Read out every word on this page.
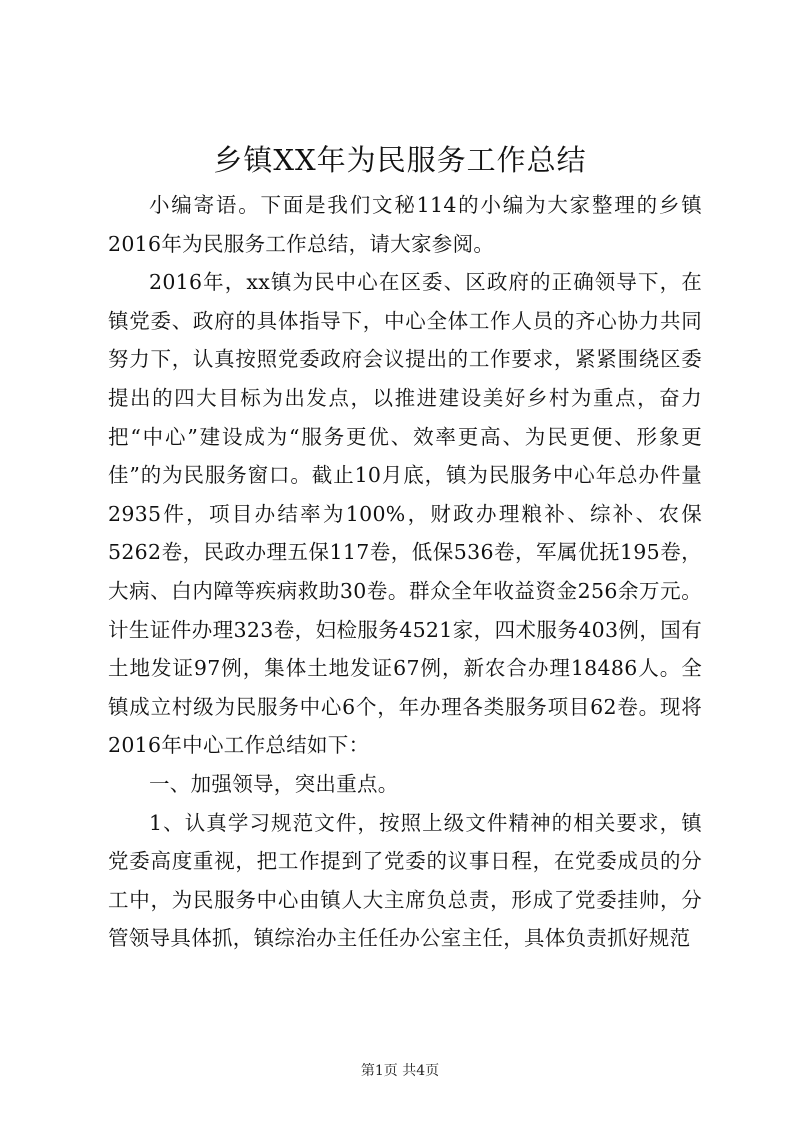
乡镇XX年为民服务工作总结

小编寄语。下面是我们文秘114的小编为大家整理的乡镇2016年为民服务工作总结，请大家参阅。

2016年，xx镇为民中心在区委、区政府的正确领导下，在镇党委、政府的具体指导下，中心全体工作人员的齐心协力共同努力下，认真按照党委政府会议提出的工作要求，紧紧围绕区委提出的四大目标为出发点，以推进建设美好乡村为重点，奋力把“中心”建设成为“服务更优、效率更高、为民更便、形象更佳”的为民服务窗口。截止10月底，镇为民服务中心年总办件量2935件，项目办结率为100%，财政办理粮补、综补、农保5262卷，民政办理五保117卷，低保536卷，军属优抚195卷，大病、白内障等疾病救助30卷。群众全年收益资金256余万元。计生证件办理323卷，妇检服务4521家，四术服务403例，国有土地发证97例，集体土地发证67例，新农合办理18486人。全镇成立村级为民服务中心6个，年办理各类服务项目62卷。现将2016年中心工作总结如下：

一、加强领导，突出重点。

1、认真学习规范文件，按照上级文件精神的相关要求，镇党委高度重视，把工作提到了党委的议事日程，在党委成员的分工中，为民服务中心由镇人大主席负总责，形成了党委挂帅，分管领导具体抓，镇综治办主任任办公室主任，具体负责抓好规范

第1页 共4页
